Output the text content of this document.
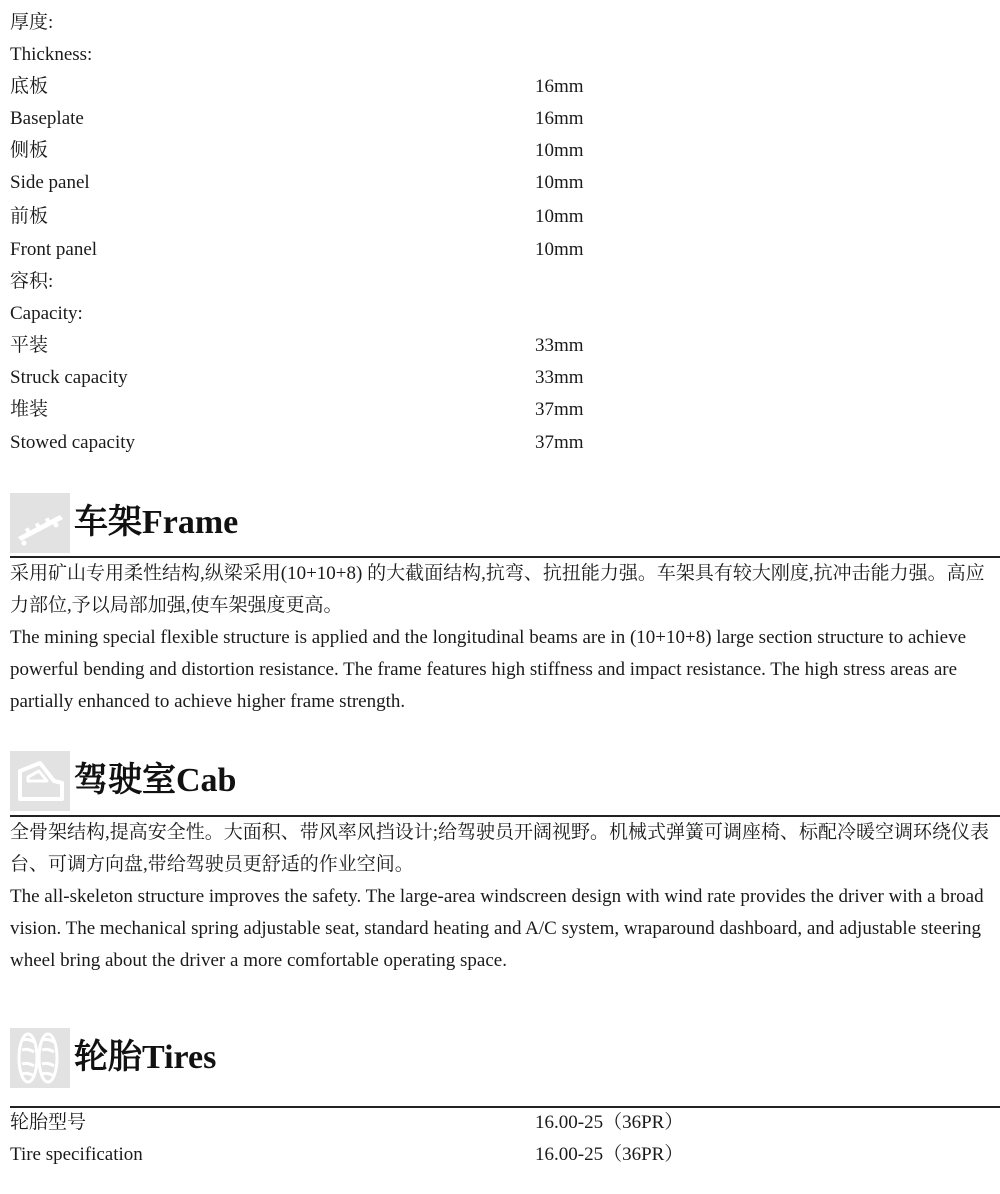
厚度:
Thickness:
底板	16mm
Baseplate	16mm
侧板	10mm
Side panel	10mm
前板	10mm
Front panel	10mm
容积:
Capacity:
平装	33mm
Struck capacity	33mm
堆装	37mm
Stowed capacity	37mm
车架Frame

采用矿山专用柔性结构,纵梁采用(10+10+8) 的大截面结构,抗弯、抗扭能力强。车架具有较大刚度,抗冲击能力强。高应力部位,予以局部加强,使车架强度更高。

The mining special flexible structure is applied and the longitudinal beams are in (10+10+8) large section structure to achieve powerful bending and distortion resistance. The frame features high stiffness and impact resistance. The high stress areas are partially enhanced to achieve higher frame strength.

驾驶室Cab

全骨架结构,提高安全性。大面积、带风率风挡设计;给驾驶员开阔视野。机械式弹簧可调座椅、标配冷暖空调环绕仪表台、可调方向盘,带给驾驶员更舒适的作业空间。

The all-skeleton structure improves the safety. The large-area windscreen design with wind rate provides the driver with a broad vision. The mechanical spring adjustable seat, standard heating and A/C system, wraparound dashboard, and adjustable steering wheel bring about the driver a more comfortable operating space.

轮胎Tires
轮胎型号	16.00-25（36PR）
Tire specification	16.00-25（36PR）
